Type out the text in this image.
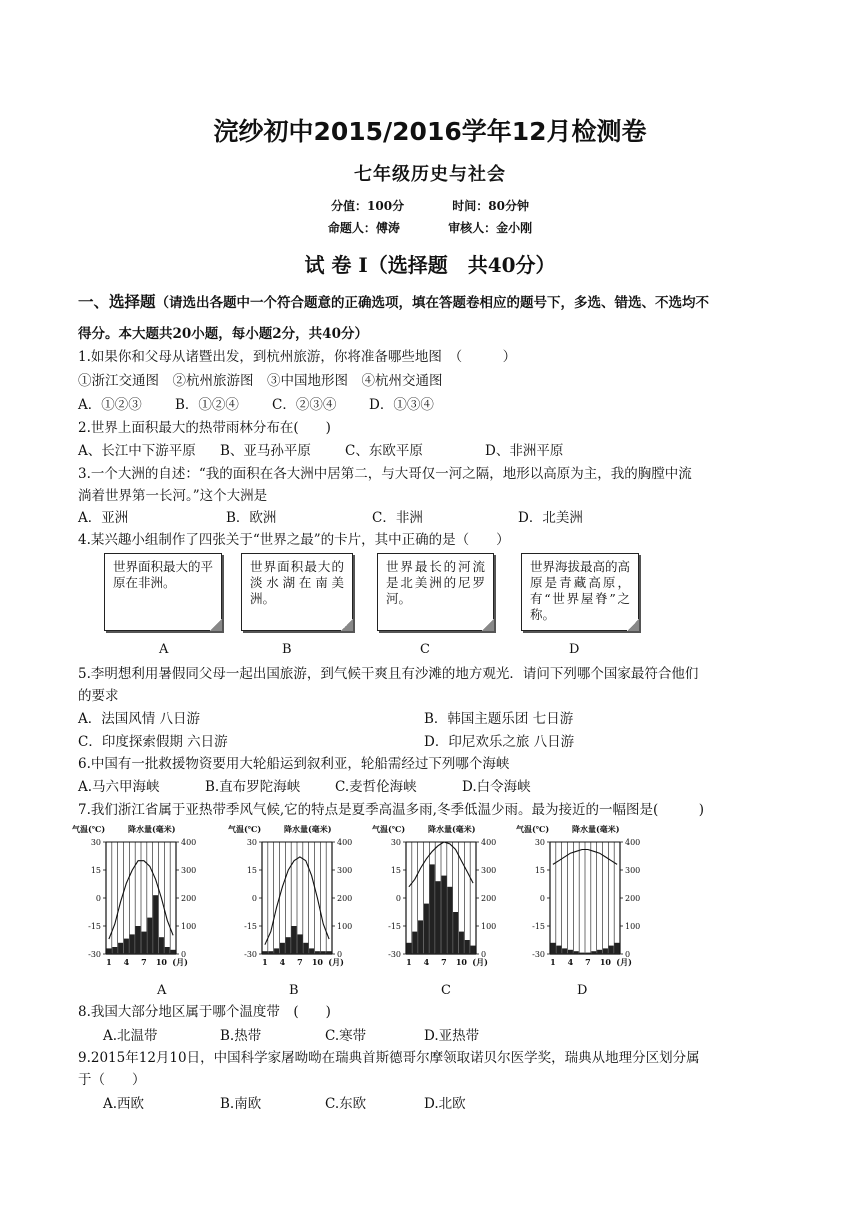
浣纱初中2015/2016学年12月检测卷
七年级历史与社会
分值：100分	时间：80分钟
命题人：傅涛	审核人：金小刚
试 卷 I（选择题　共40分）
一、选择题（请选出各题中一个符合题意的正确选项，填在答题卷相应的题号下，多选、错选、不选均不
得分。本大题共20小题，每小题2分，共40分）
1.如果你和父母从诸暨出发，到杭州旅游，你将准备哪些地图　（　　　）
①浙江交通图　②杭州旅游图　③中国地形图　④杭州交通图
A．①②③ B．①②④ C．②③④ D．①③④
2.世界上面积最大的热带雨林分布在(　　)
A、长江中下游平原 B、亚马孙平原	C、东欧平原	D、非洲平原
3.一个大洲的自述：“我的面积在各大洲中居第二，与大哥仅一河之隔，地形以高原为主，我的胸膛中流
淌着世界第一长河。”这个大洲是
A．亚洲	B．欧洲	C．非洲	D．北美洲
4.某兴趣小组制作了四张关于“世界之最”的卡片，其中正确的是（　　）
世界面积最大的平原在非洲。
世界面积最大的淡水湖在南美洲。
世界最长的河流是北美洲的尼罗河。
世界海拔最高的高原是青藏高原，有“世界屋脊”之称。
A	B	C	D
5.李明想利用暑假同父母一起出国旅游，到气候干爽且有沙滩的地方观光．请问下列哪个国家最符合他们
的要求
A．法国风情 八日游	B．韩国主题乐团 七日游
C．印度探索假期 六日游	D．印尼欢乐之旅 八日游
6.中国有一批救援物资要用大轮船运到叙利亚，轮船需经过下列哪个海峡
A.马六甲海峡	B.直布罗陀海峡	C.麦哲伦海峡	D.白令海峡
7.我们浙江省属于亚热带季风气候,它的特点是夏季高温多雨,冬季低温少雨。最为接近的一幅图是(　　　)
气温(℃)	降水量(毫米)
30
15
0
-15
-30
400
300
200
100
0
1 4 7 10 (月)
气温(℃)	降水量(毫米)
30
15
0
-15
-30
400
300
200
100
0
1 4 7 10 (月)
气温(℃)	降水量(毫米)
30
15
0
-15
-30
400
300
200
100
0
1 4 7 10 (月)
气温(℃)	降水量(毫米)
30
15
0
-15
-30
400
300
200
100
0
1 4 7 10 (月)
A	B	C	D
8.我国大部分地区属于哪个温度带　(　　)
A.北温带	B.热带	C.寒带	D.亚热带
9.2015年12月10日，中国科学家屠呦呦在瑞典首斯德哥尔摩领取诺贝尔医学奖，瑞典从地理分区划分属
于（　　）
A.西欧	B.南欧	C.东欧	D.北欧
